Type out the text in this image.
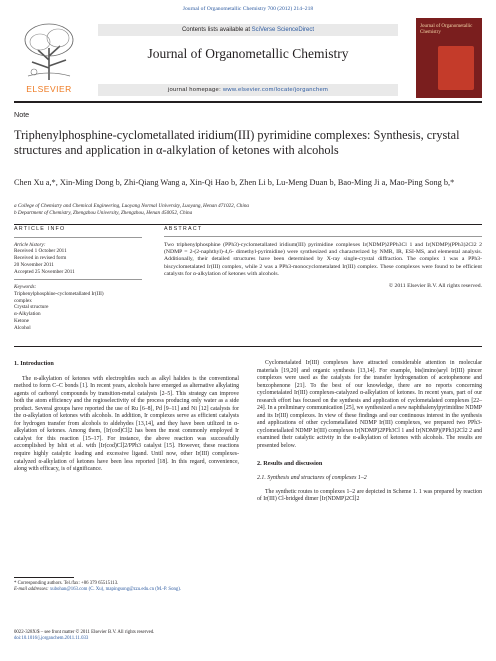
Journal of Organometallic Chemistry 700 (2012) 214–218
ELSEVIER
Contents lists available at SciVerse ScienceDirect
Journal of Organometallic Chemistry
journal homepage: www.elsevier.com/locate/jorganchem
Journal of Organometallic Chemistry
Note
Triphenylphosphine-cyclometallated iridium(III) pyrimidine complexes: Synthesis, crystal structures and application in α-alkylation of ketones with alcohols
Chen Xu a,*, Xin-Ming Dong b, Zhi-Qiang Wang a, Xin-Qi Hao b, Zhen Li b, Lu-Meng Duan b, Bao-Ming Ji a, Mao-Ping Song b,*
a College of Chemistry and Chemical Engineering, Luoyang Normal University, Luoyang, Henan 471022, China
b Department of Chemistry, Zhengzhou University, Zhengzhou, Henan 450052, China
ARTICLE INFO
Article history:
Received 1 October 2011
Received in revised form
20 November 2011
Accepted 25 November 2011
Keywords:
Triphenylphosphine-cyclometallated Ir(III)
complex
Crystal structure
α-Alkylation
Ketone
Alcohol
ABSTRACT
Two triphenylphosphine (PPh3)-cyclometallated iridium(III) pyrimidine complexes Ir(NDMP)2PPh3Cl 1 and Ir(NDMP)(PPh3)2Cl2 2 (NDMP = 2-(2-naphthyl)-4,6- dimethyl-pyrimidine) were synthesized and characterized by NMR, IR, ESI-MS, and elemental analysis. Additionally, their detailed structures have been determined by X-ray single-crystal diffraction. The complex 1 was a PPh3-biscyclometalated Ir(III) complex, while 2 was a PPh3-monocyclometalated Ir(III) complex. These complexes were found to be efficient catalysts for α-alkylation of ketones with alcohols.
© 2011 Elsevier B.V. All rights reserved.
1. Introduction

The α-alkylation of ketones with electrophiles such as alkyl halides is the conventional method to form C–C bonds [1]. In recent years, alcohols have emerged as alternative alkylating agents of carbonyl compounds by transition-metal catalysts [2–5]. This strategy can improve both the atom efficiency and the regioselectivity of the process producing only water as a side product. Several groups have reported the use of Ru [6–8], Pd [9–11] and Ni [12] catalysts for the α-alkylation of ketones with alcohols. In addition, Ir complexes serve as efficient catalysts for hydrogen transfer from alcohols to aldehydes [13,14], and they have been utilized in α-alkylation of ketones. Among them, [Ir(cod)Cl]2 has been the most commonly employed Ir catalyst for this reaction [15–17]. For instance, the above reaction was successfully accomplished by Ishii et al. with [Ir(cod)Cl]2/PPh3 catalyst [15]. However, these reactions require highly catalytic loading and excessive ligand. Until now, other Ir(III) complexes-catalyzed α-alkylation of ketones have been less reported [18]. In this regard, convenience, along with efficacy, is of significance.

Cyclometalated Ir(III) complexes have attracted considerable attention in molecular materials [19,20] and organic synthesis [13,14]. For example, bis(imino)aryl Ir(III) pincer complexes were used as the catalysts for the transfer hydrogenation of acetophenone and benzophenone [21]. To the best of our knowledge, there are no reports concerning cyclometalated Ir(III) complexes-catalyzed α-alkylation of ketones. In recent years, part of our research effort has focused on the synthesis and application of cyclometalated complexes [22–24]. In a preliminary communication [25], we synthesized a new naphthalenylpyrimidine NDMP and its Ir(III) complexes. In view of these findings and our continuous interest in the synthesis and applications of other cyclometallated NDMP Ir(III) complexes, we prepared two PPh3-cyclometallated NDMP Ir(III) complexes Ir(NDMP)2PPh3Cl 1 and Ir(NDMP)(PPh3)2Cl2 2 and examined their catalytic activity in the α-alkylation of ketones with alcohols. The results are presented below.

2. Results and discussion
2.1. Synthesis and structures of complexes 1–2

The synthetic routes to complexes 1–2 are depicted in Scheme 1. 1 was prepared by reaction of Ir(III) Cl-bridged dimer [Ir(NDMP)2Cl]2

* Corresponding authors. Tel./fax: +86 379 65515113.
E-mail addresses: xubohan@163.com (C. Xu), mapingsong@zzu.edu.cn (M.-P. Song).
0022-328X/$ – see front matter © 2011 Elsevier B.V. All rights reserved.
doi:10.1016/j.jorganchem.2011.11.033
